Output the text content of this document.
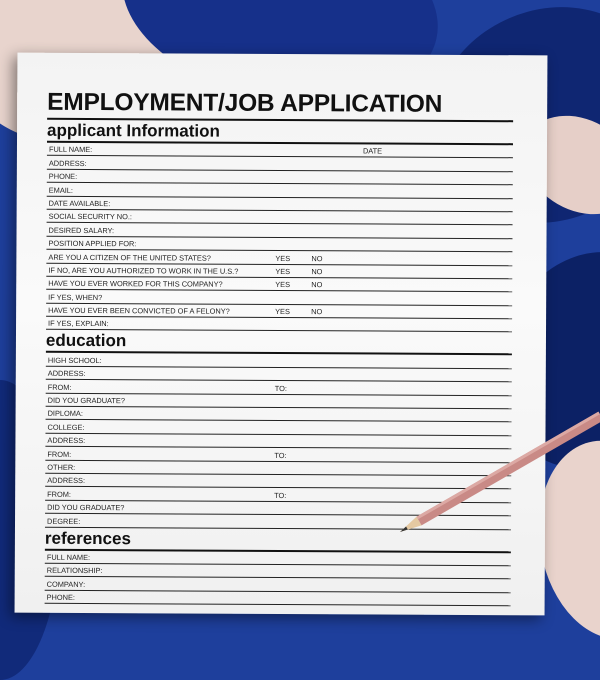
EMPLOYMENT/JOB APPLICATION
applicant Information
FULL NAME:	DATE
ADDRESS:
PHONE:
EMAIL:
DATE AVAILABLE:
SOCIAL SECURITY NO.:
DESIRED SALARY:
POSITION APPLIED FOR:
ARE YOU A CITIZEN OF THE UNITED STATES?	YES	NO
IF NO, ARE YOU AUTHORIZED TO WORK IN THE U.S.?	YES	NO
HAVE YOU EVER WORKED FOR THIS COMPANY?	YES	NO
IF YES, WHEN?
HAVE YOU EVER BEEN CONVICTED OF A FELONY?	YES	NO
IF YES, EXPLAIN:
education
HIGH SCHOOL:
ADDRESS:
FROM:	TO:
DID YOU GRADUATE?
DIPLOMA:
COLLEGE:
ADDRESS:
FROM:	TO:
OTHER:
ADDRESS:
FROM:	TO:
DID YOU GRADUATE?
DEGREE:
references
FULL NAME:
RELATIONSHIP:
COMPANY:
PHONE:
